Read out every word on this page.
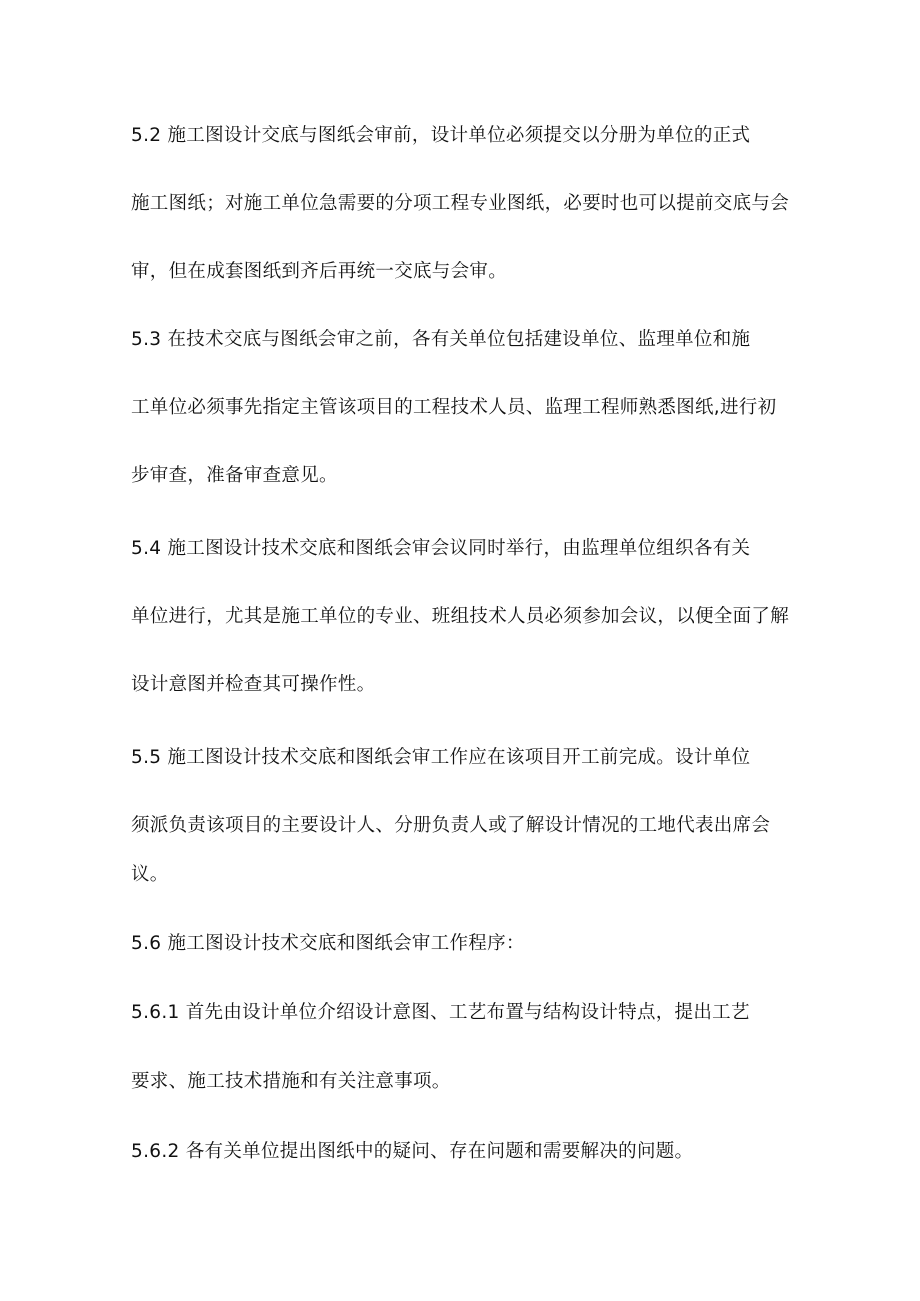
5.2 施工图设计交底与图纸会审前，设计单位必须提交以分册为单位的正式
施工图纸；对施工单位急需要的分项工程专业图纸，必要时也可以提前交底与会
审，但在成套图纸到齐后再统一交底与会审。
5.3 在技术交底与图纸会审之前，各有关单位包括建设单位、监理单位和施
工单位必须事先指定主管该项目的工程技术人员、监理工程师熟悉图纸,进行初
步审查，准备审查意见。
5.4 施工图设计技术交底和图纸会审会议同时举行，由监理单位组织各有关
单位进行，尤其是施工单位的专业、班组技术人员必须参加会议，以便全面了解
设计意图并检查其可操作性。
5.5 施工图设计技术交底和图纸会审工作应在该项目开工前完成。设计单位
须派负责该项目的主要设计人、分册负责人或了解设计情况的工地代表出席会
议。
5.6 施工图设计技术交底和图纸会审工作程序：
5.6.1 首先由设计单位介绍设计意图、工艺布置与结构设计特点，提出工艺
要求、施工技术措施和有关注意事项。
5.6.2 各有关单位提出图纸中的疑问、存在问题和需要解决的问题。
